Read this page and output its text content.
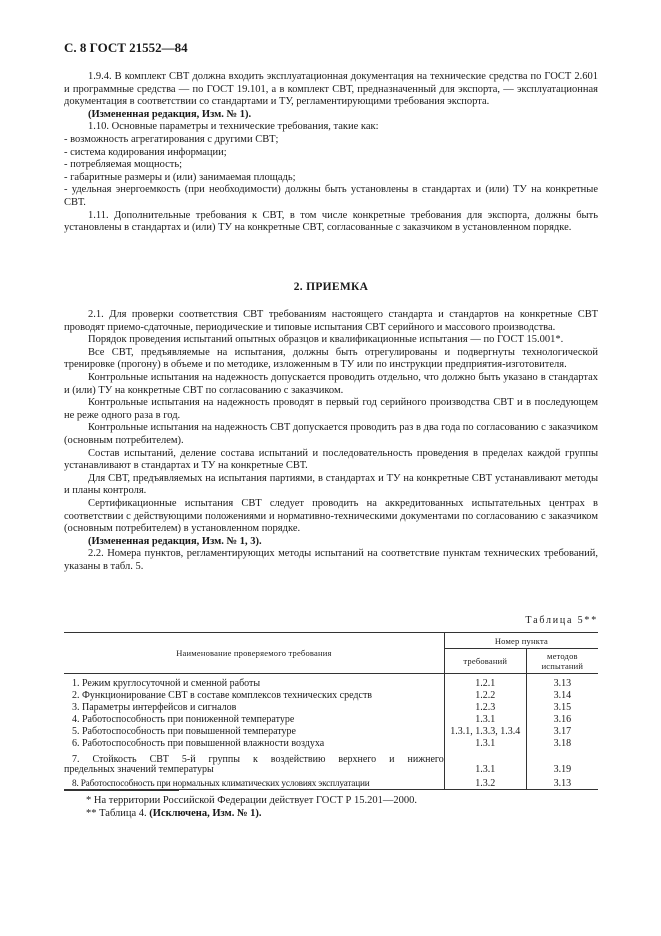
С. 8 ГОСТ 21552—84

1.9.4. В комплект СВТ должна входить эксплуатационная документация на технические средства по ГОСТ 2.601 и программные средства — по ГОСТ 19.101, а в комплект СВТ, предназначенный для экспорта, — эксплуатационная документация в соответствии со стандартами и ТУ, регламентирующими требования экспорта.

(Измененная редакция, Изм. № 1).

1.10. Основные параметры и технические требования, такие как:

- возможность агрегатирования с другими СВТ;

- система кодирования информации;

- потребляемая мощность;

- габаритные размеры и (или) занимаемая площадь;

- удельная энергоемкость (при необходимости) должны быть установлены в стандартах и (или) ТУ на конкретные СВТ.

1.11. Дополнительные требования к СВТ, в том числе конкретные требования для экспорта, должны быть установлены в стандартах и (или) ТУ на конкретные СВТ, согласованные с заказчиком в установленном порядке.

2. ПРИЕМКА

2.1. Для проверки соответствия СВТ требованиям настоящего стандарта и стандартов на конкретные СВТ проводят приемо-сдаточные, периодические и типовые испытания СВТ серийного и массового производства.

Порядок проведения испытаний опытных образцов и квалификационные испытания — по ГОСТ 15.001*.

Все СВТ, предъявляемые на испытания, должны быть отрегулированы и подвергнуты технологической тренировке (прогону) в объеме и по методике, изложенным в ТУ или по инструкции предприятия-изготовителя.

Контрольные испытания на надежность допускается проводить отдельно, что должно быть указано в стандартах и (или) ТУ на конкретные СВТ по согласованию с заказчиком.

Контрольные испытания на надежность проводят в первый год серийного производства СВТ и в последующем не реже одного раза в год.

Контрольные испытания на надежность СВТ допускается проводить раз в два года по согласованию с заказчиком (основным потребителем).

Состав испытаний, деление состава испытаний и последовательность проведения в пределах каждой группы устанавливают в стандартах и ТУ на конкретные СВТ.

Для СВТ, предъявляемых на испытания партиями, в стандартах и ТУ на конкретные СВТ устанавливают методы и планы контроля.

Сертификационные испытания СВТ следует проводить на аккредитованных испытательных центрах в соответствии с действующими положениями и нормативно-техническими документами по согласованию с заказчиком (основным потребителем) в установленном порядке.

(Измененная редакция, Изм. № 1, 3).

2.2. Номера пунктов, регламентирующих методы испытаний на соответствие пунктам технических требований, указаны в табл. 5.

Таблица 5**
Наименование проверяемого требования	Номер пункта	
	требований	методов
испытаний

1. Режим круглосуточной и сменной работы	1.2.1	3.13
2. Функционирование СВТ в составе комплексов технических средств	1.2.2	3.14
3. Параметры интерфейсов и сигналов	1.2.3	3.15
4. Работоспособность при пониженной температуре	1.3.1	3.16
5. Работоспособность при повышенной температуре	1.3.1, 1.3.3, 1.3.4	3.17
6. Работоспособность при повышенной влажности воздуха	1.3.1	3.18

7. Стойкость СВТ 5-й группы к воздействию верхнего и нижнего
предельных значений температуры	1.3.1	3.19
8. Работоспособность при нормальных климатических условиях эксплуатации	1.3.2	3.13

* На территории Российской Федерации действует ГОСТ Р 15.201—2000.

** Таблица 4. (Исключена, Изм. № 1).
